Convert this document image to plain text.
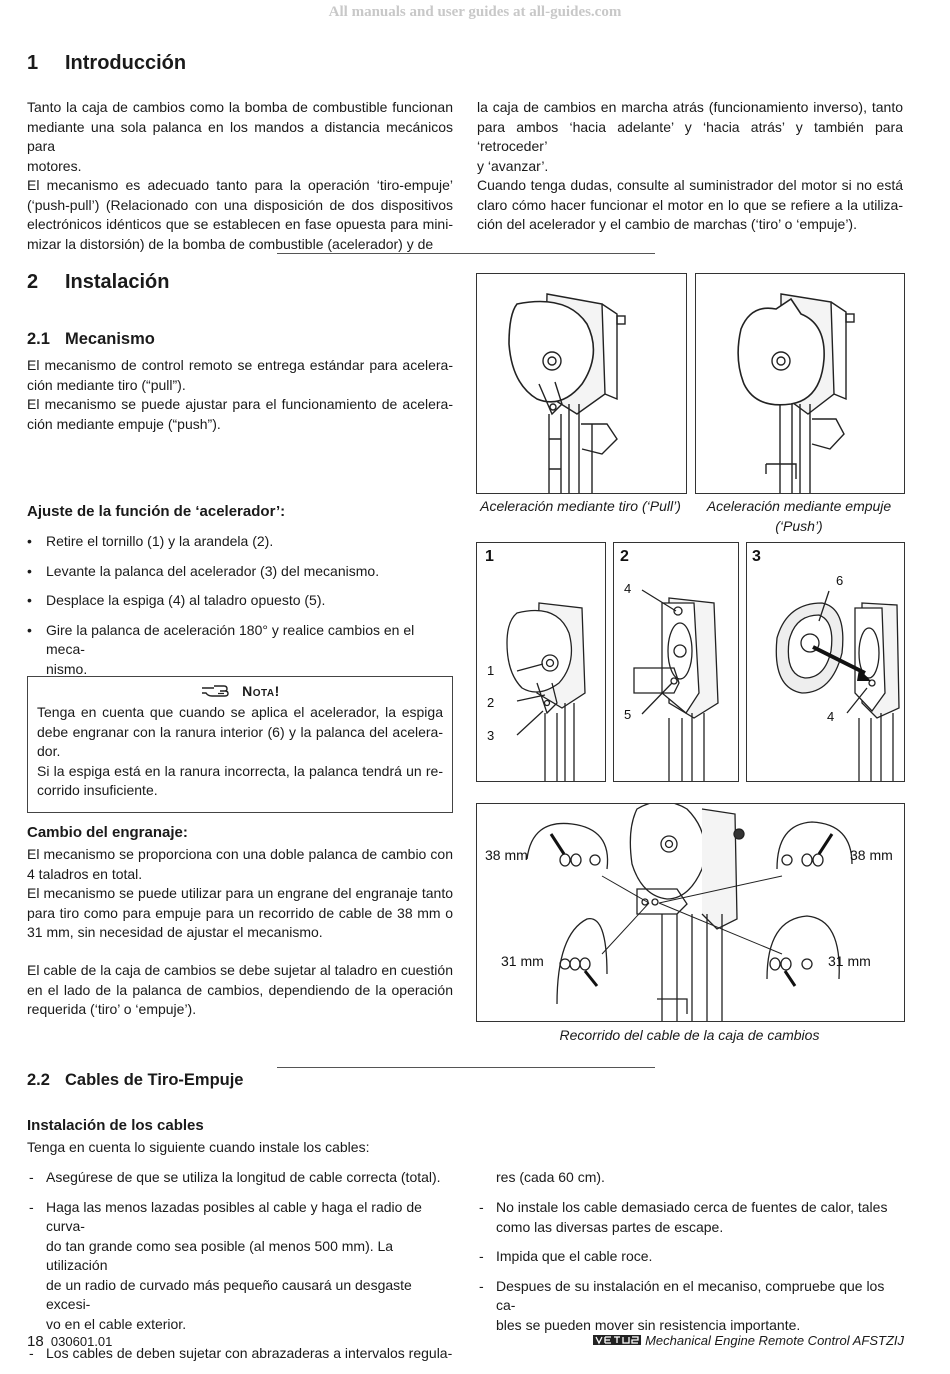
All manuals and user guides at all-guides.com
1 Introducción
Tanto la caja de cambios como la bomba de combustible funcionan
mediante una sola palanca en los mandos a distancia mecánicos para
motores.
El mecanismo es adecuado tanto para la operación ‘tiro-empuje’
(‘push-pull’) (Relacionado con una disposición de dos dispositivos
electrónicos idénticos que se establecen en fase opuesta para mini-
mizar la distorsión) de la bomba de combustible (acelerador) y de
la caja de cambios en marcha atrás (funcionamiento inverso), tanto
para ambos ‘hacia adelante’ y ‘hacia atrás’ y también para ‘retroceder’
y ‘avanzar’.
Cuando tenga dudas, consulte al suministrador del motor si no está
claro cómo hacer funcionar el motor en lo que se refiere a la utiliza-
ción del acelerador y el cambio de marchas (‘tiro’ o ‘empuje’).
2 Instalación
2.1 Mecanismo
El mecanismo de control remoto se entrega estándar para acelera-
ción mediante tiro (“pull”).
El mecanismo se puede ajustar para el funcionamiento de acelera-
ción mediante empuje (“push”).
Ajuste de la función de ‘acelerador’:
• Retire el tornillo (1) y la arandela (2).
• Levante la palanca del acelerador (3) del mecanismo.
• Desplace la espiga (4) al taladro opuesto (5).
• Gire la palanca de aceleración 180° y realice cambios en el meca-
nismo.
Nota!
Tenga en cuenta que cuando se aplica el acelerador, la espiga
debe engranar con la ranura interior (6) y la palanca del acelera-
dor.
Si la espiga está en la ranura incorrecta, la palanca tendrá un re-
corrido insuficiente.
Cambio del engranaje:
El mecanismo se proporciona con una doble palanca de cambio con
4 taladros en total.
El mecanismo se puede utilizar para un engrane del engranaje tanto
para tiro como para empuje para un recorrido de cable de 38 mm o
31 mm, sin necesidad de ajustar el mecanismo.
El cable de la caja de cambios se debe sujetar al taladro en cuestión
en el lado de la palanca de cambios, dependiendo de la operación
requerida (‘tiro’ o ‘empuje’).
Aceleración mediante tiro (‘Pull’)	Aceleración mediante empuje
(‘Push’)
1
1
2
3
2
4
5
3
6
4
38 mm	38 mm
31 mm	31 mm
Recorrido del cable de la caja de cambios
2.2 Cables de Tiro-Empuje
Instalación de los cables
Tenga en cuenta lo siguiente cuando instale los cables:
- Asegúrese de que se utiliza la longitud de cable correcta (total).
- Haga las menos lazadas posibles al cable y haga el radio de curva-
do tan grande como sea posible (al menos 500 mm). La utilización
de un radio de curvado más pequeño causará un desgaste excesi-
vo en el cable exterior.
- Los cables de deben sujetar con abrazaderas a intervalos regula-
res (cada 60 cm).
- No instale los cable demasiado cerca de fuentes de calor, tales
como las diversas partes de escape.
- Impida que el cable roce.
- Despues de su instalación en el mecaniso, compruebe que los ca-
bles se pueden mover sin resistencia importante.
18 030601.01	Mechanical Engine Remote Control AFSTZIJ
